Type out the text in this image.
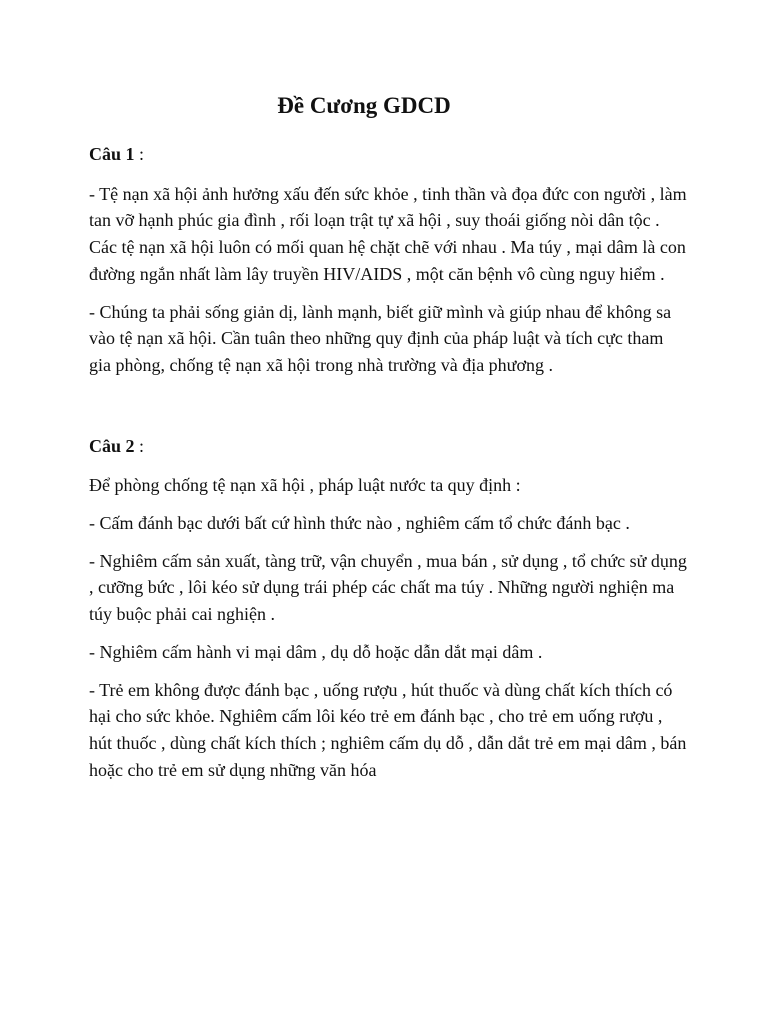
Đề Cương GDCD

Câu 1 :

- Tệ nạn xã hội ảnh hưởng xấu đến sức khỏe , tinh thần và đọa đức con người , làm tan vỡ hạnh phúc gia đình , rối loạn trật tự xã hội , suy thoái giống nòi dân tộc . Các tệ nạn xã hội luôn có mối quan hệ chặt chẽ với nhau . Ma túy , mại dâm là con đường ngắn nhất làm lây truyền HIV/AIDS , một căn bệnh vô cùng nguy hiểm .

- Chúng ta phải sống giản dị, lành mạnh, biết giữ mình và giúp nhau để không sa vào tệ nạn xã hội. Cần tuân theo những quy định của pháp luật và tích cực tham gia phòng, chống tệ nạn xã hội trong nhà trường và địa phương .

Câu 2 :

Để phòng chống tệ nạn xã hội , pháp luật nước ta quy định :

- Cấm đánh bạc dưới bất cứ hình thức nào , nghiêm cấm tổ chức đánh bạc .

- Nghiêm cấm sản xuất, tàng trữ, vận chuyển , mua bán , sử dụng , tổ chức sử dụng , cưỡng bức , lôi kéo sử dụng trái phép các chất ma túy . Những người nghiện ma túy buộc phải cai nghiện .

- Nghiêm cấm hành vi mại dâm , dụ dỗ hoặc dẫn dắt mại dâm .

- Trẻ em không được đánh bạc , uống rượu , hút thuốc và dùng chất kích thích có hại cho sức khỏe. Nghiêm cấm lôi kéo trẻ em đánh bạc , cho trẻ em uống rượu , hút thuốc , dùng chất kích thích ; nghiêm cấm dụ dỗ , dẫn dắt trẻ em mại dâm , bán hoặc cho trẻ em sử dụng những văn hóa
